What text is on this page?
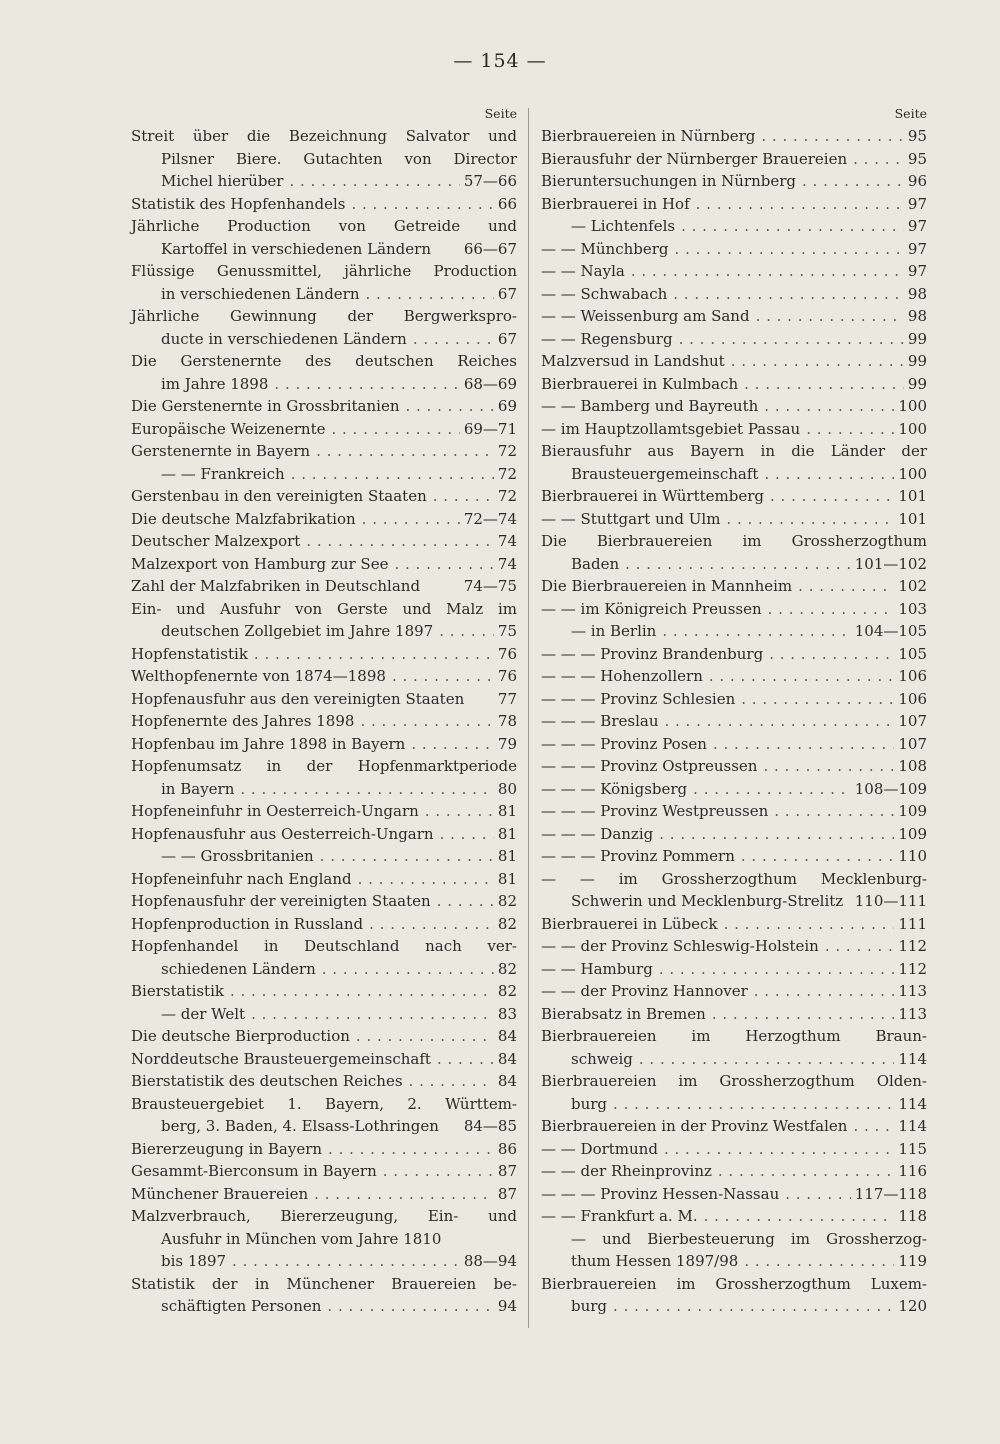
— 154 —
Seite
Streit über die Bezeichnung Salvator und
Pilsner Biere. Gutachten von Director
Michel hierüber . . .	57—66
Statistik des Hopfenhandels . . .	66
Jährliche Production von Getreide und
Kartoffel in verschiedenen Ländern 66—67
Flüssige Genussmittel, jährliche Production
in verschiedenen Ländern . . .	67
Jährliche Gewinnung der Bergwerkspro-
ducte in verschiedenen Ländern . . .	67
Die Gerstenernte des deutschen Reiches
im Jahre 1898 . . .	68—69
Die Gerstenernte in Grossbritanien . . .	69
Europäische Weizenernte . . .	69—71
Gerstenernte in Bayern . . .	72
— — Frankreich . . .	72
Gerstenbau in den vereinigten Staaten . . .	72
Die deutsche Malzfabrikation . . .	72—74
Deutscher Malzexport . . .	74
Malzexport von Hamburg zur See . . .	74
Zahl der Malzfabriken in Deutschland	74—75
Ein- und Ausfuhr von Gerste und Malz im
deutschen Zollgebiet im Jahre 1897 . . .	75
Hopfenstatistik . . .	76
Welthopfenernte von 1874—1898 . . .	76
Hopfenausfuhr aus den vereinigten Staaten 77
Hopfenernte des Jahres 1898 . . .	78
Hopfenbau im Jahre 1898 in Bayern . . .	79
Hopfenumsatz in der Hopfenmarktperiode
in Bayern . . .	80
Hopfeneinfuhr in Oesterreich-Ungarn . . .	81
Hopfenausfuhr aus Oesterreich-Ungarn . . .	81
— — Grossbritanien . . .	81
Hopfeneinfuhr nach England . . .	81
Hopfenausfuhr der vereinigten Staaten . . .	82
Hopfenproduction in Russland . . .	82
Hopfenhandel in Deutschland nach ver-
schiedenen Ländern . . .	82
Bierstatistik . . .	82
— der Welt . . .	83
Die deutsche Bierproduction . . .	84
Norddeutsche Brausteuergemeinschaft . . .	84
Bierstatistik des deutschen Reiches . . .	84
Brausteuergebiet 1. Bayern, 2. Württem-
berg, 3. Baden, 4. Elsass-Lothringen 84—85
Biererzeugung in Bayern . . .	86
Gesammt-Bierconsum in Bayern . . .	87
Münchener Brauereien . . .	87
Malzverbrauch, Biererzeugung, Ein- und
Ausfuhr in München vom Jahre 1810
bis 1897 . . .	88—94
Statistik der in Münchener Brauereien be-
schäftigten Personen . . .	94
Seite
Bierbrauereien in Nürnberg . . .	95
Bierausfuhr der Nürnberger Brauereien . . .	95
Bieruntersuchungen in Nürnberg . . .	96
Bierbrauerei in Hof . . .	97
— Lichtenfels . . .	97
— — Münchberg . . .	97
— — Nayla . . .	97
— — Schwabach . . .	98
— — Weissenburg am Sand . . .	98
— — Regensburg . . .	99
Malzversud in Landshut . . .	99
Bierbrauerei in Kulmbach . . .	99
— — Bamberg und Bayreuth . . .	100
— im Hauptzollamtsgebiet Passau . . .	100
Bierausfuhr aus Bayern in die Länder der
Brausteuergemeinschaft . . .	100
Bierbrauerei in Württemberg . . .	101
— — Stuttgart und Ulm . . .	101
Die Bierbrauereien im Grossherzogthum
Baden . . .	101—102
Die Bierbrauereien in Mannheim . . .	102
— — im Königreich Preussen . . .	103
— in Berlin . . .	104—105
— — — Provinz Brandenburg . . .	105
— — — Hohenzollern . . .	106
— — — Provinz Schlesien . . .	106
— — — Breslau . . .	107
— — — Provinz Posen . . .	107
— — — Provinz Ostpreussen . . .	108
— — — Königsberg . . .	108—109
— — — Provinz Westpreussen . . .	109
— — — Danzig . . .	109
— — — Provinz Pommern . . .	110
— — im Grossherzogthum Mecklenburg-
Schwerin und Mecklenburg-Strelitz 110—111
Bierbrauerei in Lübeck . . .	111
— — der Provinz Schleswig-Holstein . . .	112
— — Hamburg . . .	112
— — der Provinz Hannover . . .	113
Bierabsatz in Bremen . . .	113
Bierbrauereien im Herzogthum Braun-
schweig . . .	114
Bierbrauereien im Grossherzogthum Olden-
burg . . .	114
Bierbrauereien in der Provinz Westfalen . . .	114
— — Dortmund . . .	115
— — der Rheinprovinz . . .	116
— — — Provinz Hessen-Nassau . . .	117—118
— — Frankfurt a. M. . . .	118
— und Bierbesteuerung im Grossherzog-
thum Hessen 1897/98 . . .	119
Bierbrauereien im Grossherzogthum Luxem-
burg . . .	120
